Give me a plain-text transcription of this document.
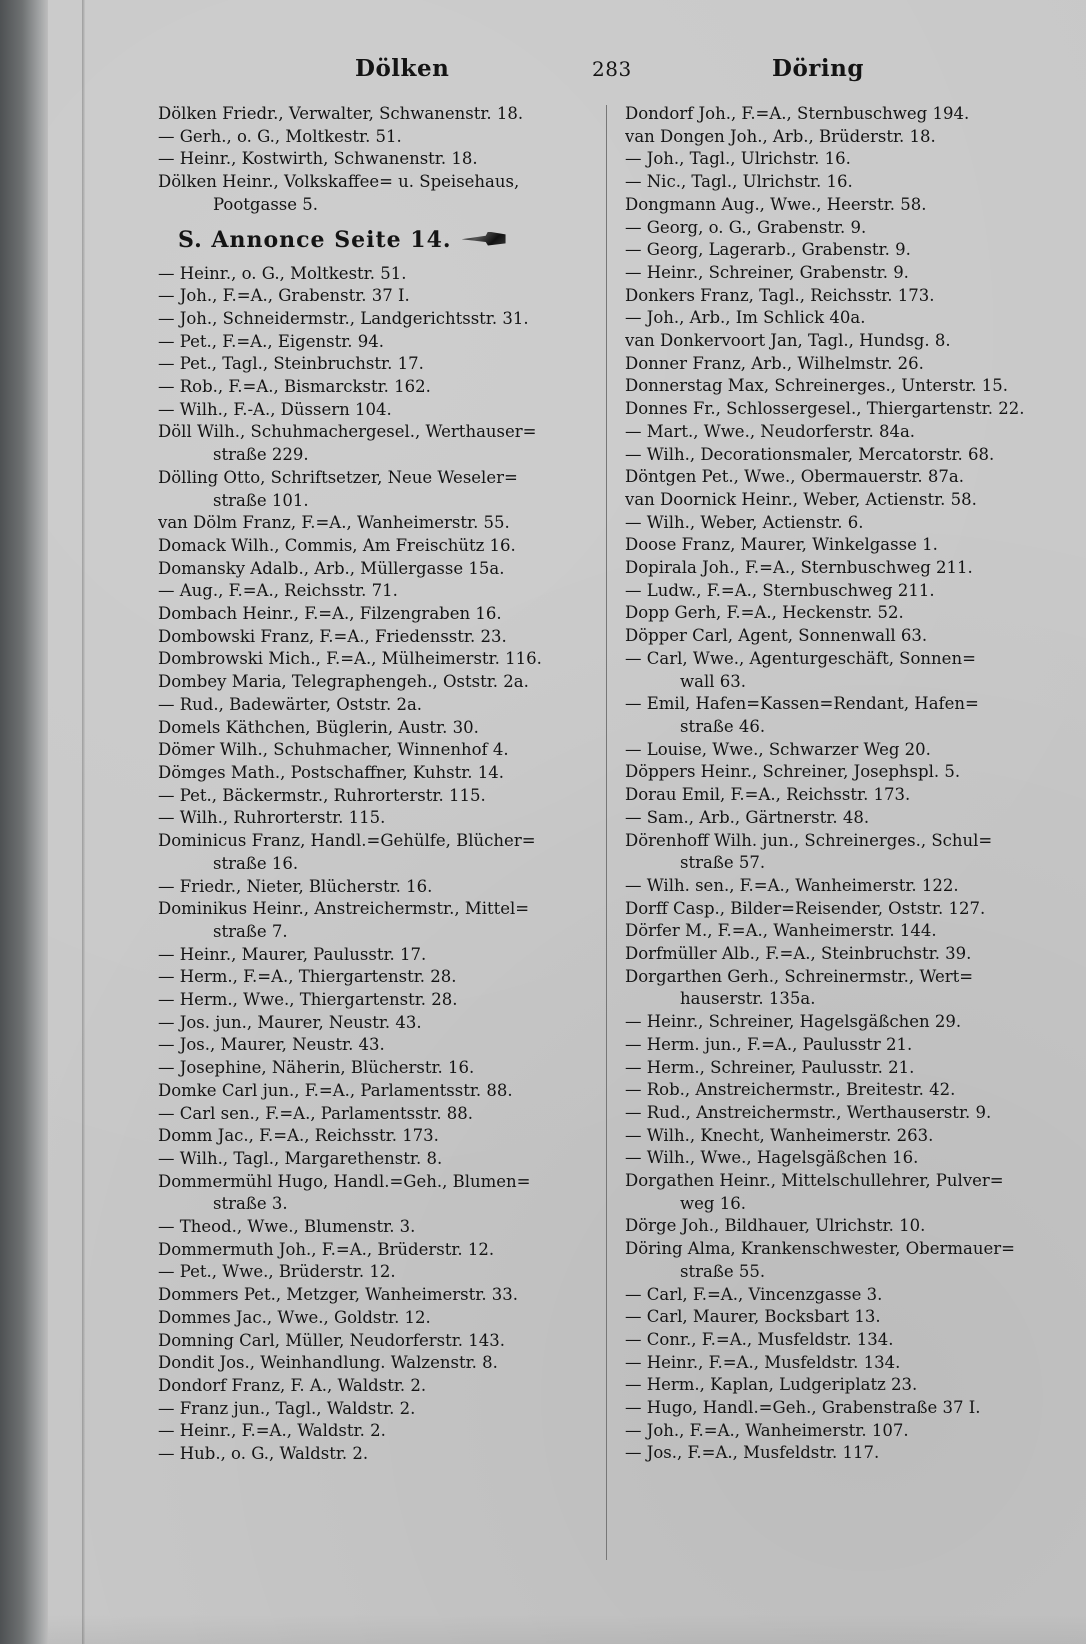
Dölken	283	Döring
Dölken Friedr., Verwalter, Schwanenstr. 18.
— Gerh., o. G., Moltkestr. 51.
— Heinr., Kostwirth, Schwanenstr. 18.
Dölken Heinr., Volkskaffee= u. Speisehaus,
Pootgasse 5.
S. Annonce Seite 14.
— Heinr., o. G., Moltkestr. 51.
— Joh., F.=A., Grabenstr. 37 I.
— Joh., Schneidermstr., Landgerichtsstr. 31.
— Pet., F.=A., Eigenstr. 94.
— Pet., Tagl., Steinbruchstr. 17.
— Rob., F.=A., Bismarckstr. 162.
— Wilh., F.-A., Düssern 104.
Döll Wilh., Schuhmachergesel., Werthauser=
straße 229.
Dölling Otto, Schriftsetzer, Neue Weseler=
straße 101.
van Dölm Franz, F.=A., Wanheimerstr. 55.
Domack Wilh., Commis, Am Freischütz 16.
Domansky Adalb., Arb., Müllergasse 15a.
— Aug., F.=A., Reichsstr. 71.
Dombach Heinr., F.=A., Filzengraben 16.
Dombowski Franz, F.=A., Friedensstr. 23.
Dombrowski Mich., F.=A., Mülheimerstr. 116.
Dombey Maria, Telegraphengeh., Oststr. 2a.
— Rud., Badewärter, Oststr. 2a.
Domels Käthchen, Büglerin, Austr. 30.
Dömer Wilh., Schuhmacher, Winnenhof 4.
Dömges Math., Postschaffner, Kuhstr. 14.
— Pet., Bäckermstr., Ruhrorterstr. 115.
— Wilh., Ruhrorterstr. 115.
Dominicus Franz, Handl.=Gehülfe, Blücher=
straße 16.
— Friedr., Nieter, Blücherstr. 16.
Dominikus Heinr., Anstreichermstr., Mittel=
straße 7.
— Heinr., Maurer, Paulusstr. 17.
— Herm., F.=A., Thiergartenstr. 28.
— Herm., Wwe., Thiergartenstr. 28.
— Jos. jun., Maurer, Neustr. 43.
— Jos., Maurer, Neustr. 43.
— Josephine, Näherin, Blücherstr. 16.
Domke Carl jun., F.=A., Parlamentsstr. 88.
— Carl sen., F.=A., Parlamentsstr. 88.
Domm Jac., F.=A., Reichsstr. 173.
— Wilh., Tagl., Margarethenstr. 8.
Dommermühl Hugo, Handl.=Geh., Blumen=
straße 3.
— Theod., Wwe., Blumenstr. 3.
Dommermuth Joh., F.=A., Brüderstr. 12.
— Pet., Wwe., Brüderstr. 12.
Dommers Pet., Metzger, Wanheimerstr. 33.
Dommes Jac., Wwe., Goldstr. 12.
Domning Carl, Müller, Neudorferstr. 143.
Dondit Jos., Weinhandlung. Walzenstr. 8.
Dondorf Franz, F. A., Waldstr. 2.
— Franz jun., Tagl., Waldstr. 2.
— Heinr., F.=A., Waldstr. 2.
— Hub., o. G., Waldstr. 2.
Dondorf Joh., F.=A., Sternbuschweg 194.
van Dongen Joh., Arb., Brüderstr. 18.
— Joh., Tagl., Ulrichstr. 16.
— Nic., Tagl., Ulrichstr. 16.
Dongmann Aug., Wwe., Heerstr. 58.
— Georg, o. G., Grabenstr. 9.
— Georg, Lagerarb., Grabenstr. 9.
— Heinr., Schreiner, Grabenstr. 9.
Donkers Franz, Tagl., Reichsstr. 173.
— Joh., Arb., Im Schlick 40a.
van Donkervoort Jan, Tagl., Hundsg. 8.
Donner Franz, Arb., Wilhelmstr. 26.
Donnerstag Max, Schreinerges., Unterstr. 15.
Donnes Fr., Schlossergesel., Thiergartenstr. 22.
— Mart., Wwe., Neudorferstr. 84a.
— Wilh., Decorationsmaler, Mercatorstr. 68.
Döntgen Pet., Wwe., Obermauerstr. 87a.
van Doornick Heinr., Weber, Actienstr. 58.
— Wilh., Weber, Actienstr. 6.
Doose Franz, Maurer, Winkelgasse 1.
Dopirala Joh., F.=A., Sternbuschweg 211.
— Ludw., F.=A., Sternbuschweg 211.
Dopp Gerh, F.=A., Heckenstr. 52.
Döpper Carl, Agent, Sonnenwall 63.
— Carl, Wwe., Agenturgeschäft, Sonnen=
wall 63.
— Emil, Hafen=Kassen=Rendant, Hafen=
straße 46.
— Louise, Wwe., Schwarzer Weg 20.
Döppers Heinr., Schreiner, Josephspl. 5.
Dorau Emil, F.=A., Reichsstr. 173.
— Sam., Arb., Gärtnerstr. 48.
Dörenhoff Wilh. jun., Schreinerges., Schul=
straße 57.
— Wilh. sen., F.=A., Wanheimerstr. 122.
Dorff Casp., Bilder=Reisender, Oststr. 127.
Dörfer M., F.=A., Wanheimerstr. 144.
Dorfmüller Alb., F.=A., Steinbruchstr. 39.
Dorgarthen Gerh., Schreinermstr., Wert=
hauserstr. 135a.
— Heinr., Schreiner, Hagelsgäßchen 29.
— Herm. jun., F.=A., Paulusstr 21.
— Herm., Schreiner, Paulusstr. 21.
— Rob., Anstreichermstr., Breitestr. 42.
— Rud., Anstreichermstr., Werthauserstr. 9.
— Wilh., Knecht, Wanheimerstr. 263.
— Wilh., Wwe., Hagelsgäßchen 16.
Dorgathen Heinr., Mittelschullehrer, Pulver=
weg 16.
Dörge Joh., Bildhauer, Ulrichstr. 10.
Döring Alma, Krankenschwester, Obermauer=
straße 55.
— Carl, F.=A., Vincenzgasse 3.
— Carl, Maurer, Bocksbart 13.
— Conr., F.=A., Musfeldstr. 134.
— Heinr., F.=A., Musfeldstr. 134.
— Herm., Kaplan, Ludgeriplatz 23.
— Hugo, Handl.=Geh., Grabenstraße 37 I.
— Joh., F.=A., Wanheimerstr. 107.
— Jos., F.=A., Musfeldstr. 117.
